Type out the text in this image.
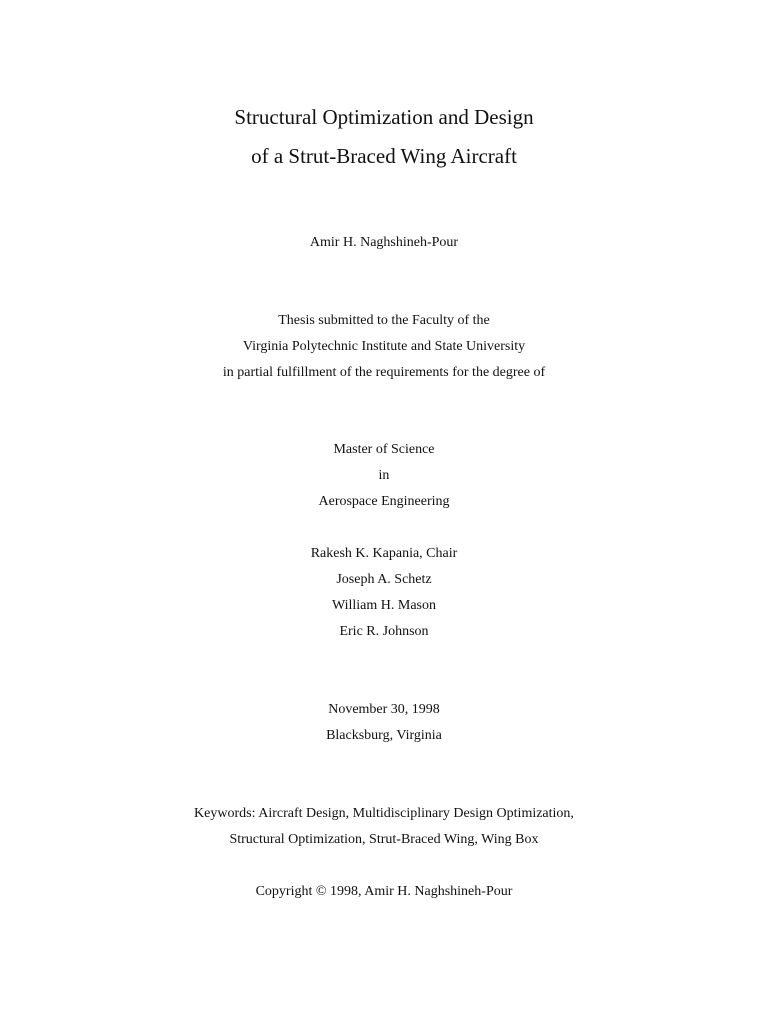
Structural Optimization and Design
of a Strut-Braced Wing Aircraft
Amir H. Naghshineh-Pour
Thesis submitted to the Faculty of the
Virginia Polytechnic Institute and State University
in partial fulfillment of the requirements for the degree of
Master of Science
in
Aerospace Engineering
Rakesh K. Kapania, Chair
Joseph A. Schetz
William H. Mason
Eric R. Johnson
November 30, 1998
Blacksburg, Virginia
Keywords: Aircraft Design, Multidisciplinary Design Optimization,
Structural Optimization, Strut-Braced Wing, Wing Box
Copyright © 1998, Amir H. Naghshineh-Pour
